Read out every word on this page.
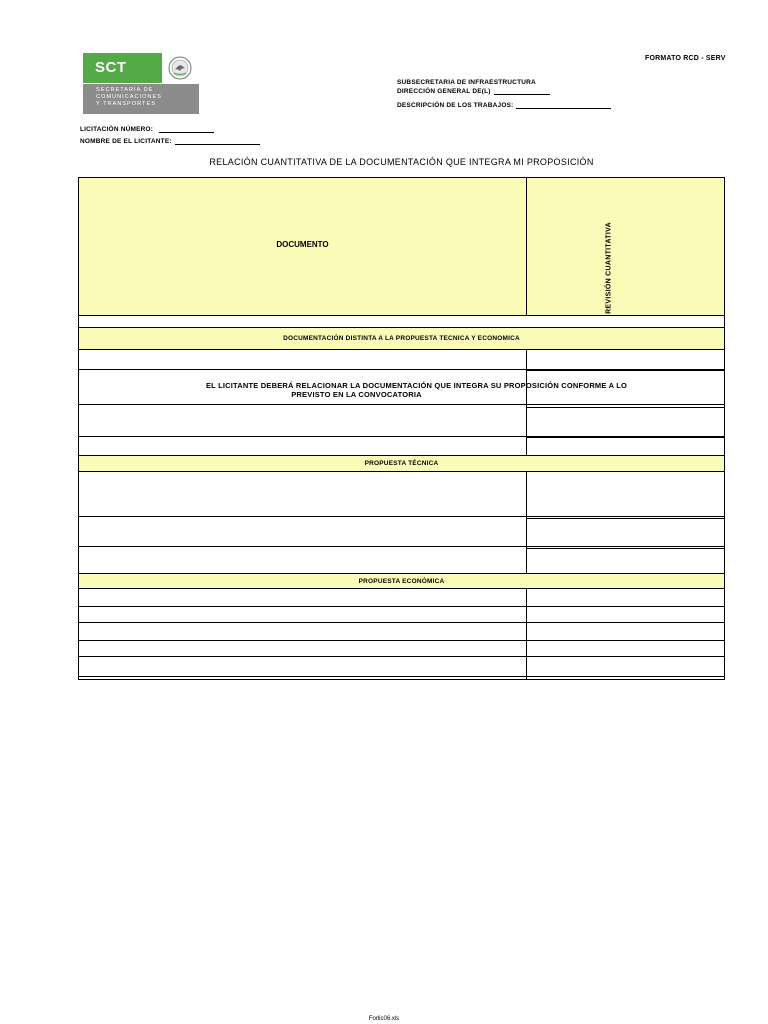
FORMATO RCD - SERV
SCT
SECRETARÍA DE
COMUNICACIONES
Y TRANSPORTES
SUBSECRETARIA DE INFRAESTRUCTURA
DIRECCIÓN GENERAL DE(L)
DESCRIPCIÓN DE LOS TRABAJOS:
LICITACIÓN NÚMERO:
NOMBRE DE EL LICITANTE:
RELACIÓN CUANTITATIVA DE LA DOCUMENTACIÓN QUE INTEGRA MI PROPOSICIÓN
DOCUMENTO	REVISIÓN CUANTITATIVA
DOCUMENTACIÓN DISTINTA A LA PROPUESTA TECNICA Y ECONOMICA
EL LICITANTE DEBERÁ RELACIONAR LA DOCUMENTACIÓN QUE INTEGRA SU PROPOSICIÓN CONFORME A LO
PREVISTO EN LA CONVOCATORIA
PROPUESTA TÉCNICA
PROPUESTA ECONÓMICA
Forlic06.xls
